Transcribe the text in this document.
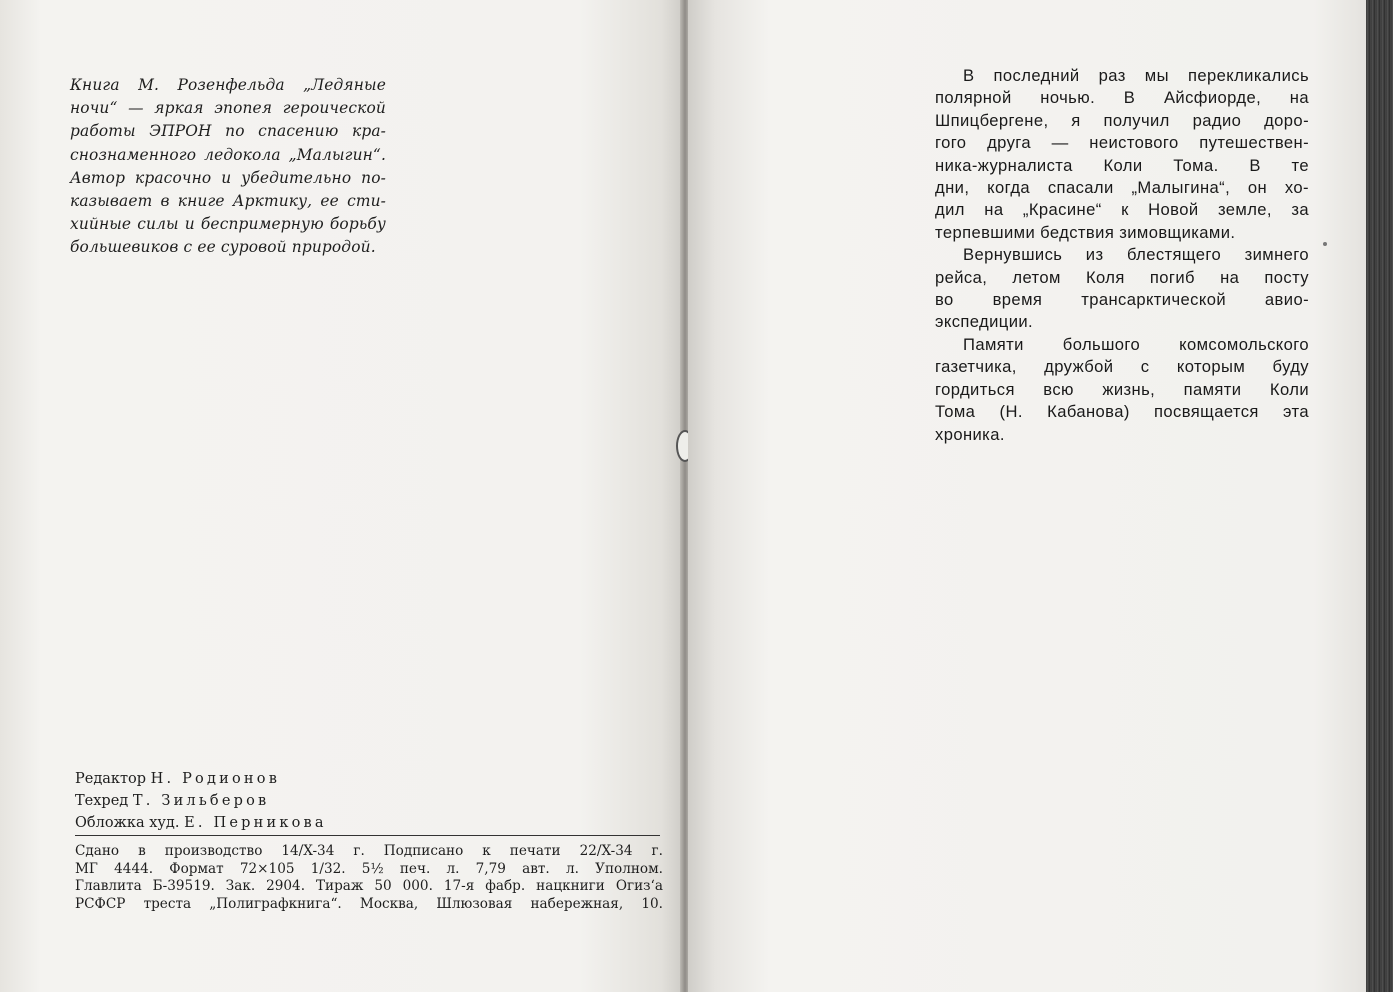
Книга М. Розенфельда „Ледяные
ночи“ — яркая эпопея героической
работы ЭПРОН по спасению кра-
снознаменного ледокола „Малыгин“.
Автор красочно и убедительно по-
казывает в книге Арктику, ее сти-
хийные силы и беспримерную борьбу
большевиков с ее суровой природой.
Редактор Н. Родионов
Техред Т. Зильберов
Обложка худ. Е. Перникова
Сдано в производство 14/X-34 г. Подписано к печати 22/X-34 г.
МГ 4444. Формат 72×105 1/32. 5½ печ. л. 7,79 авт. л. Уполном.
Главлита Б-39519. Зак. 2904. Тираж 50 000. 17-я фабр. нацкниги Огиз‘а
РСФСР треста „Полиграфкнига“. Москва, Шлюзовая набережная, 10.
В последний раз мы перекликались
полярной ночью. В Айсфиорде, на
Шпицбергене, я получил радио доро-
гого друга — неистового путешествен-
ника-журналиста Коли Тома. В те
дни, когда спасали „Малыгина“, он хо-
дил на „Красине“ к Новой земле, за
терпевшими бедствия зимовщиками.
Вернувшись из блестящего зимнего
рейса, летом Коля погиб на посту
во время трансарктической авио-
экспедиции.
Памяти большого комсомольского
газетчика, дружбой с которым буду
гордиться всю жизнь, памяти Коли
Тома (Н. Кабанова) посвящается эта
хроника.
